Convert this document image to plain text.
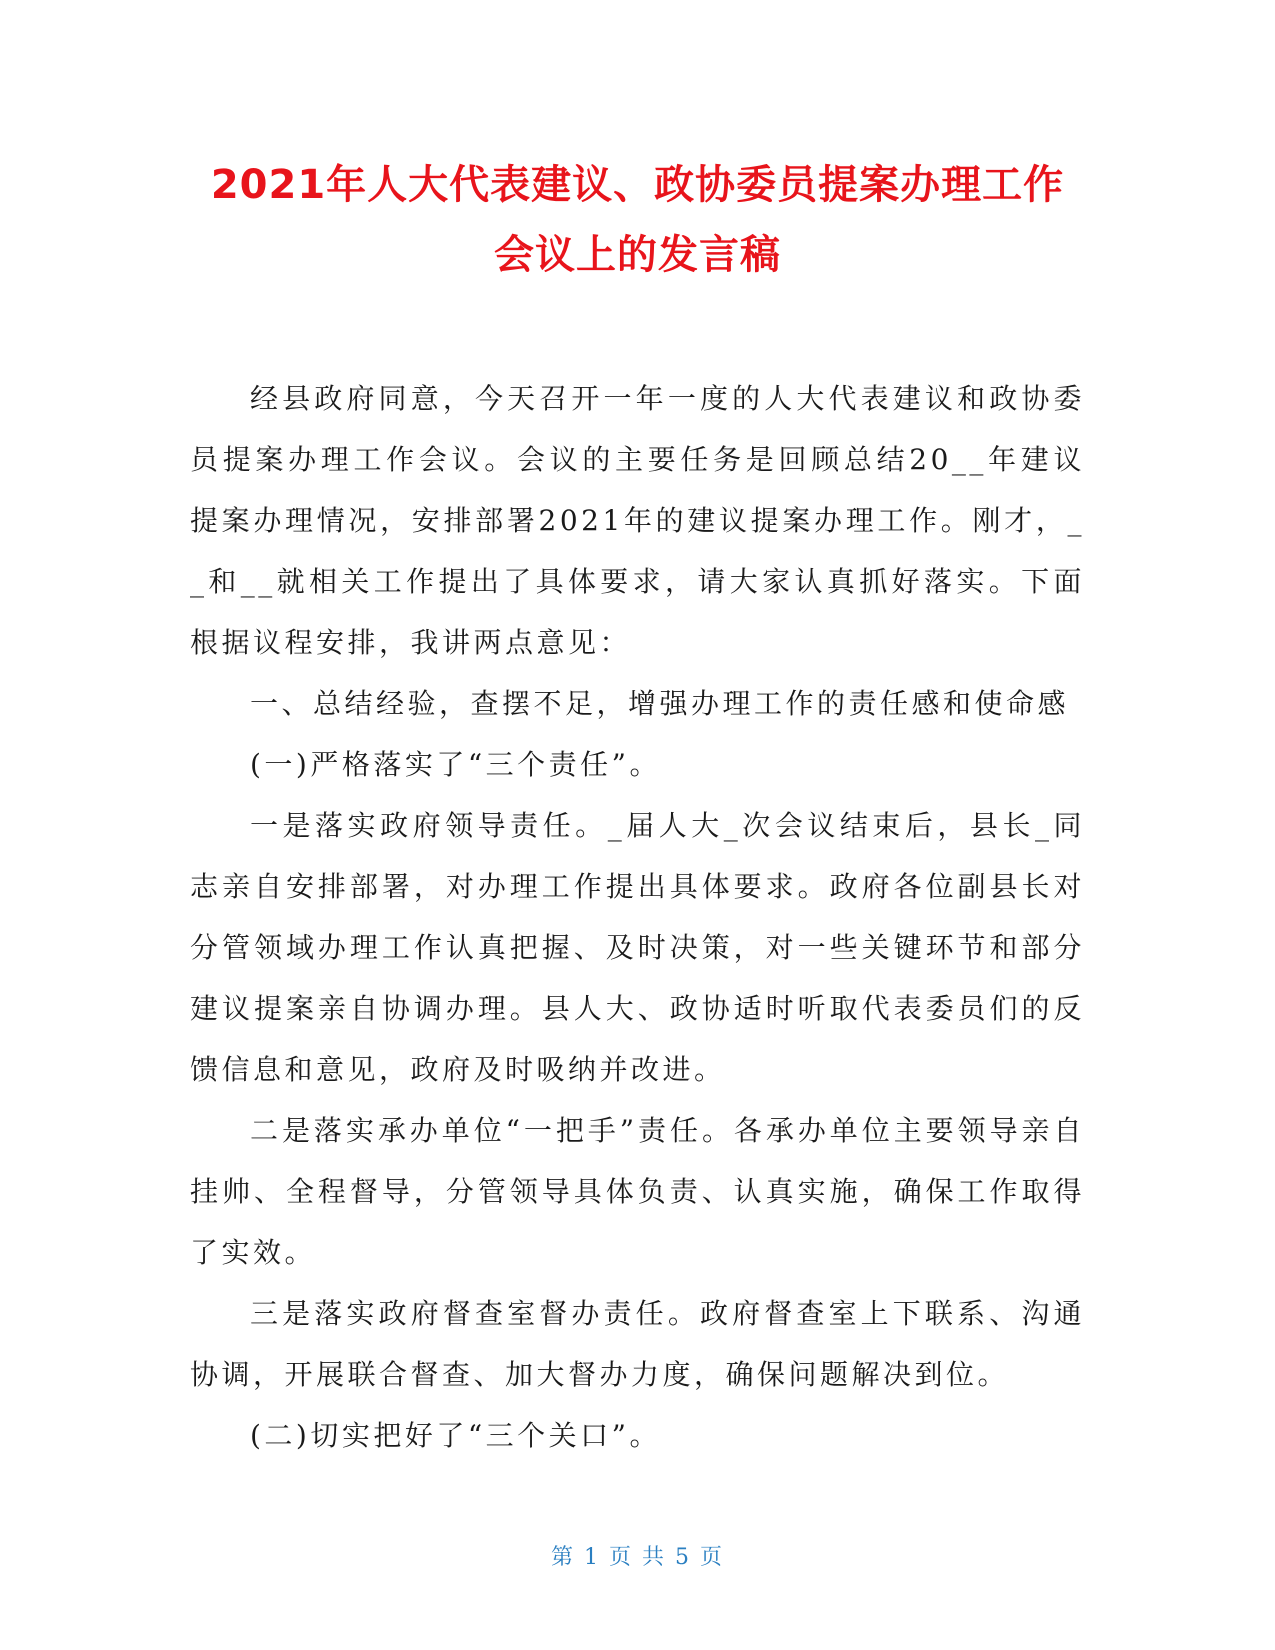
2021年人大代表建议、政协委员提案办理工作
会议上的发言稿

经县政府同意，今天召开一年一度的人大代表建议和政协委员提案办理工作会议。会议的主要任务是回顾总结20__年建议提案办理情况，安排部署2021年的建议提案办理工作。刚才，__和__就相关工作提出了具体要求，请大家认真抓好落实。下面根据议程安排，我讲两点意见：

一、总结经验，查摆不足，增强办理工作的责任感和使命感

(一)严格落实了“三个责任”。

一是落实政府领导责任。_届人大_次会议结束后，县长_同志亲自安排部署，对办理工作提出具体要求。政府各位副县长对分管领域办理工作认真把握、及时决策，对一些关键环节和部分建议提案亲自协调办理。县人大、政协适时听取代表委员们的反馈信息和意见，政府及时吸纳并改进。

二是落实承办单位“一把手”责任。各承办单位主要领导亲自挂帅、全程督导，分管领导具体负责、认真实施，确保工作取得了实效。

三是落实政府督查室督办责任。政府督查室上下联系、沟通协调，开展联合督查、加大督办力度，确保问题解决到位。

(二)切实把好了“三个关口”。

第 1 页 共 5 页
